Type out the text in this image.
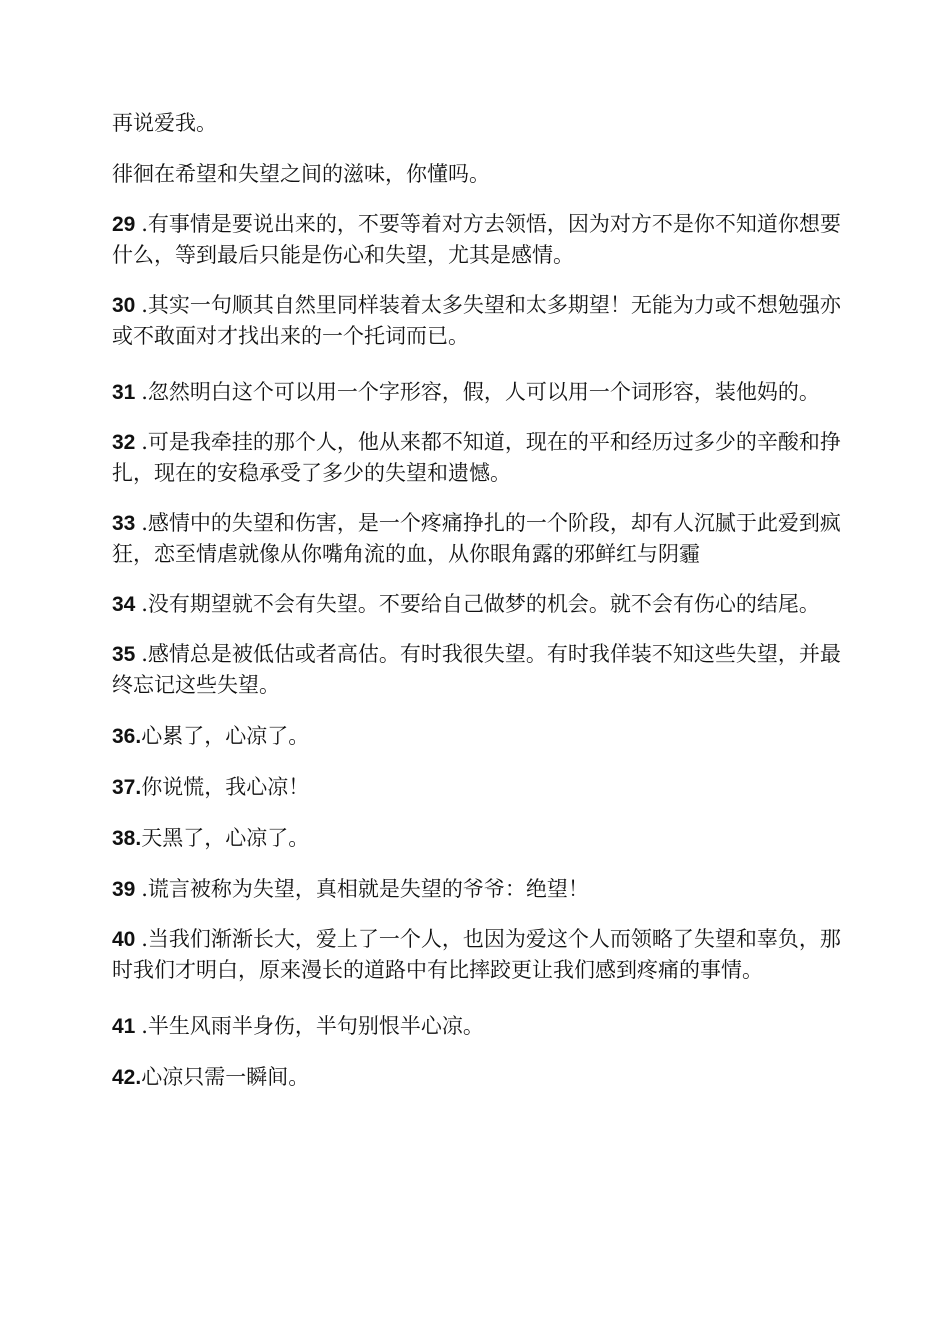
再说爱我。

徘徊在希望和失望之间的滋味，你懂吗。

29 .有事情是要说出来的，不要等着对方去领悟，因为对方不是你不知道你想要什么，等到最后只能是伤心和失望，尤其是感情。

30 .其实一句顺其自然里同样装着太多失望和太多期望！无能为力或不想勉强亦或不敢面对才找出来的一个托词而已。

31 .忽然明白这个可以用一个字形容，假，人可以用一个词形容，装他妈的。

32 .可是我牵挂的那个人，他从来都不知道，现在的平和经历过多少的辛酸和挣扎，现在的安稳承受了多少的失望和遗憾。

33 .感情中的失望和伤害，是一个疼痛挣扎的一个阶段，却有人沉腻于此爱到疯狂，恋至情虐就像从你嘴角流的血，从你眼角露的邪鲜红与阴霾

34 .没有期望就不会有失望。不要给自己做梦的机会。就不会有伤心的结尾。

35 .感情总是被低估或者高估。有时我很失望。有时我佯装不知这些失望，并最终忘记这些失望。

36.心累了，心凉了。

37.你说慌，我心凉！

38.天黑了，心凉了。

39 .谎言被称为失望，真相就是失望的爷爷：绝望！

40 .当我们渐渐长大，爱上了一个人，也因为爱这个人而领略了失望和辜负，那时我们才明白，原来漫长的道路中有比摔跤更让我们感到疼痛的事情。

41 .半生风雨半身伤，半句别恨半心凉。

42.心凉只需一瞬间。
